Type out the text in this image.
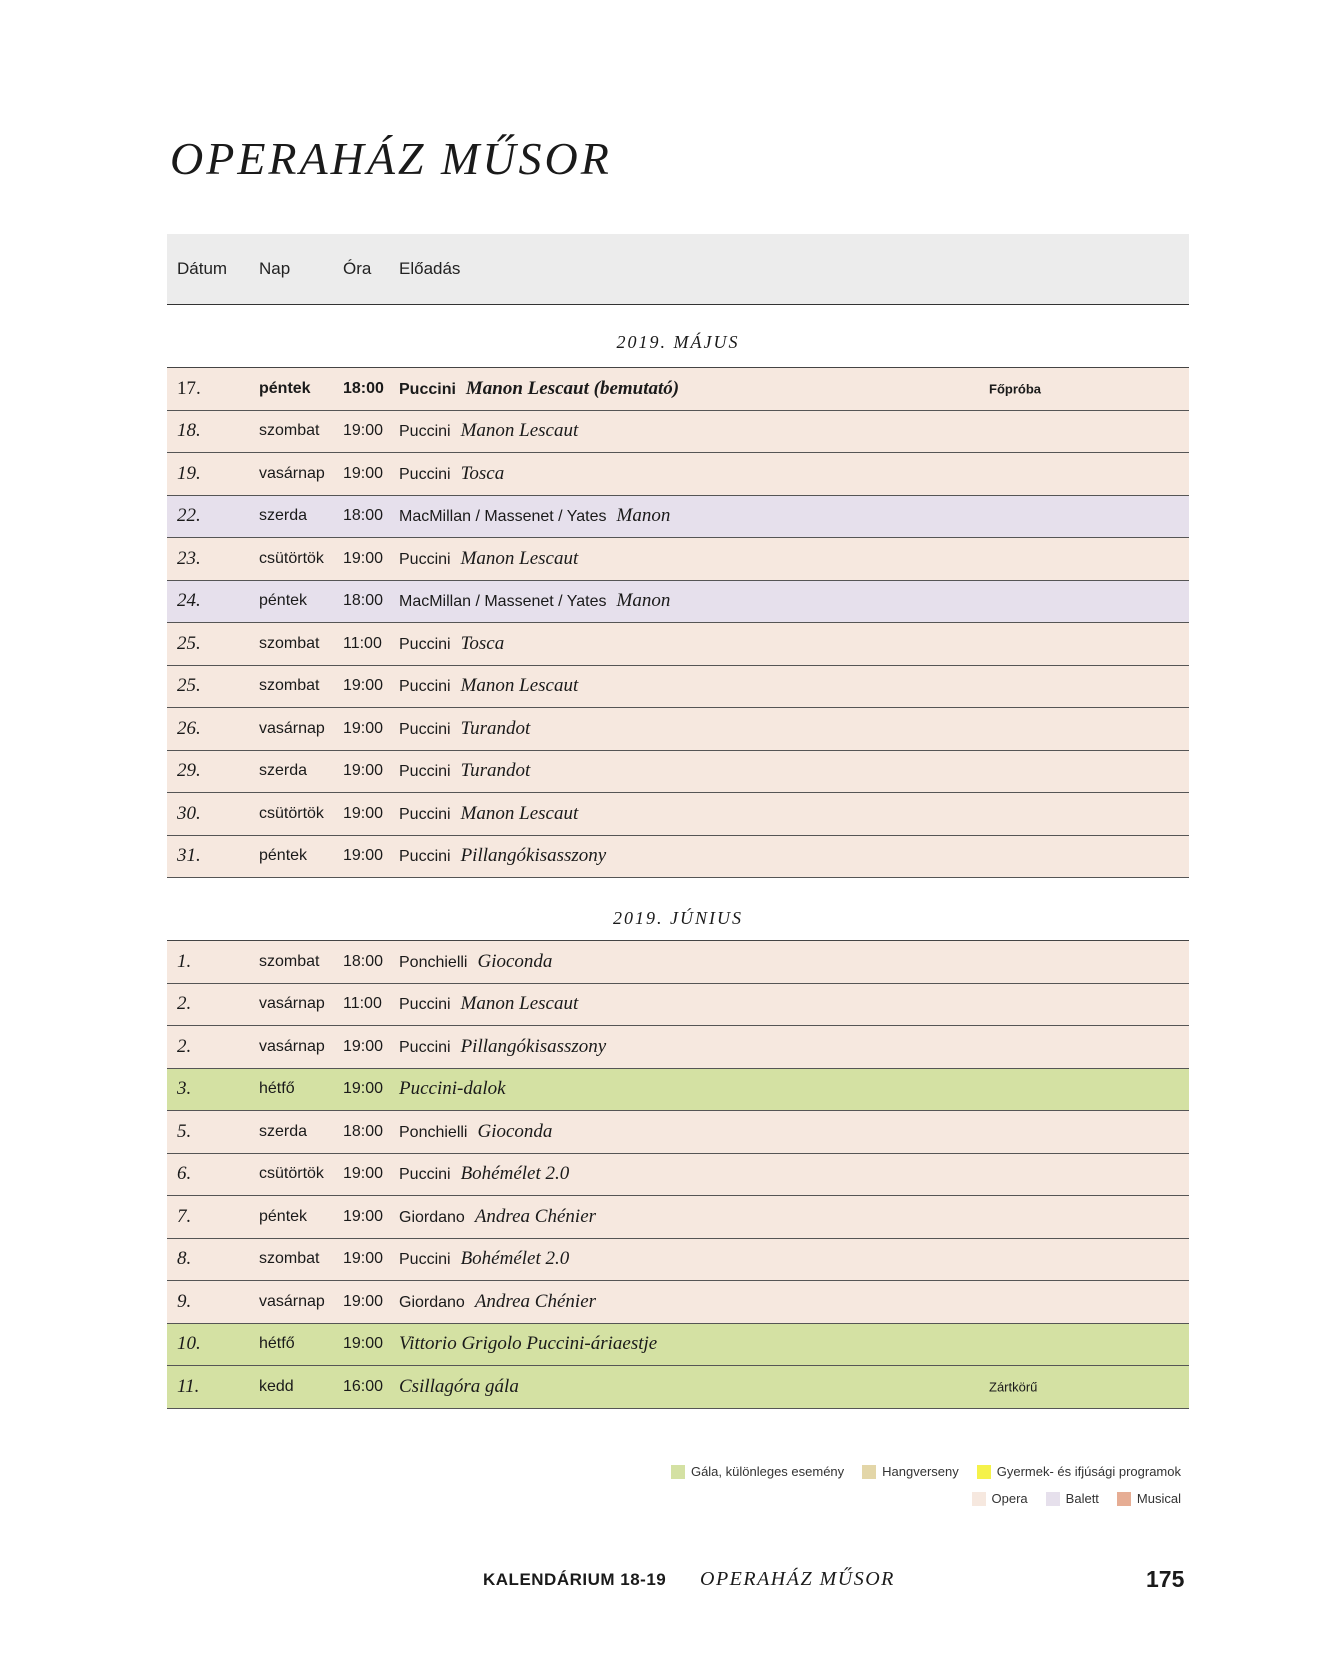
OPERAHÁZ MŰSOR
Dátum Nap	Óra Előadás
2019. MÁJUS
17.	péntek 18:00 Puccini Manon Lescaut (bemutató)	Főpróba
18.	szombat 19:00 Puccini Manon Lescaut
19.	vasárnap 19:00 Puccini Tosca
22.	szerda 18:00 MacMillan / Massenet / Yates Manon
23.	csütörtök 19:00 Puccini Manon Lescaut
24.	péntek 18:00 MacMillan / Massenet / Yates Manon
25.	szombat 11:00 Puccini Tosca
25.	szombat 19:00 Puccini Manon Lescaut
26.	vasárnap 19:00 Puccini Turandot
29.	szerda 19:00 Puccini Turandot
30.	csütörtök 19:00 Puccini Manon Lescaut
31.	péntek 19:00 Puccini Pillangókisasszony
2019. JÚNIUS
1.	szombat 18:00 Ponchielli Gioconda
2.	vasárnap 11:00 Puccini Manon Lescaut
2.	vasárnap 19:00 Puccini Pillangókisasszony
3.	hétfő	19:00 Puccini-dalok
5.	szerda 18:00 Ponchielli Gioconda
6.	csütörtök 19:00 Puccini Bohémélet 2.0
7.	péntek 19:00 Giordano Andrea Chénier
8.	szombat 19:00 Puccini Bohémélet 2.0
9.	vasárnap 19:00 Giordano Andrea Chénier
10.	hétfő	19:00 Vittorio Grigolo Puccini-áriaestje
11.	kedd	16:00 Csillagóra gála	Zártkörű
Gála, különleges esemény	Hangverseny	Gyermek- és ifjúsági programok
Opera	Balett	Musical
KALENDÁRIUM 18-19 OPERAHÁZ MŰSOR	175
